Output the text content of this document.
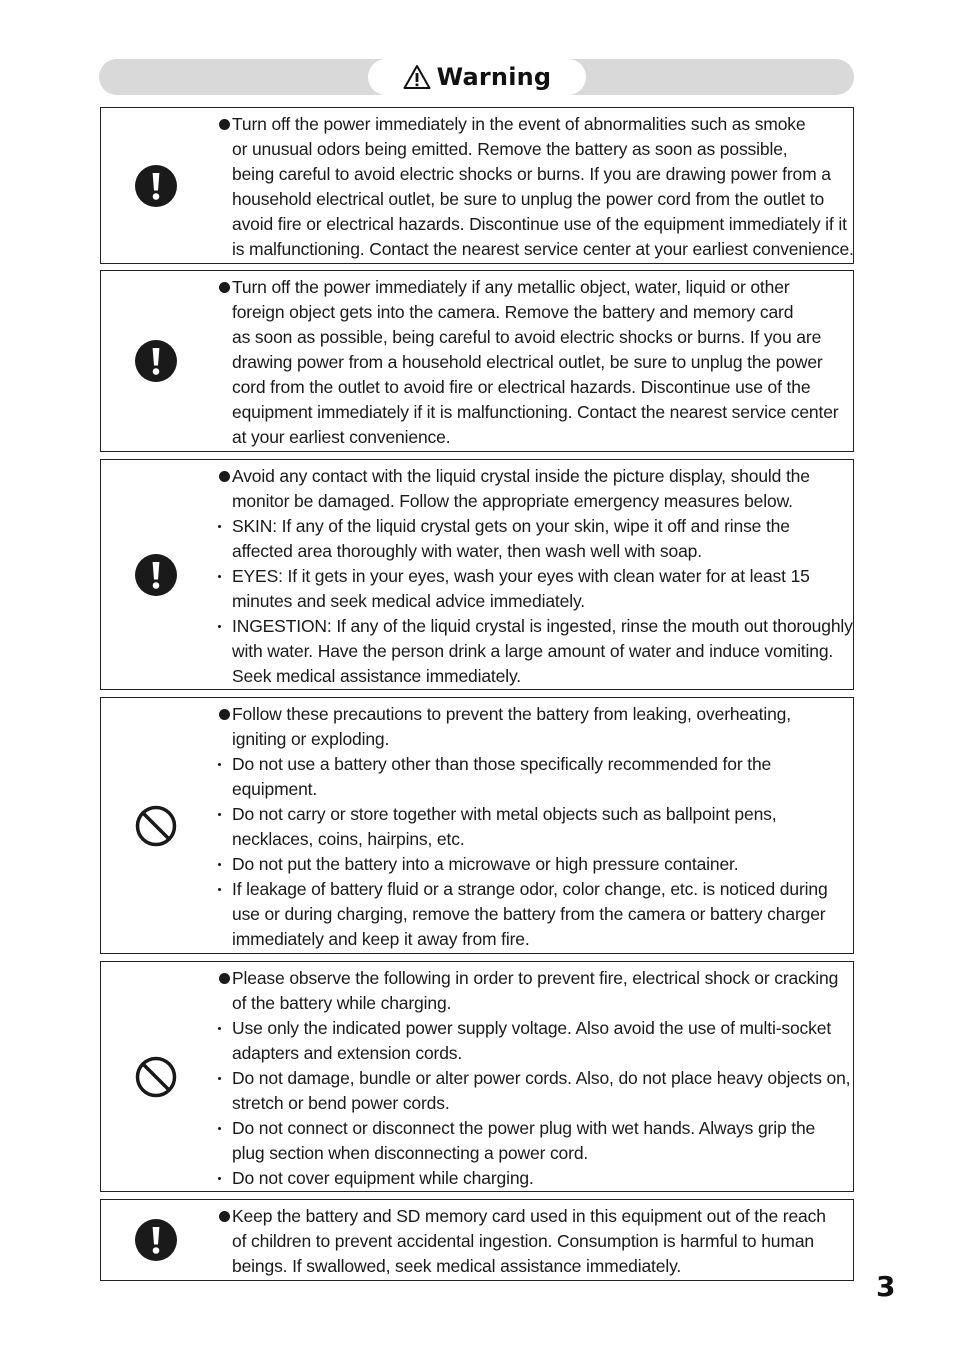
Warning
Turn off the power immediately in the event of abnormalities such as smoke
or unusual odors being emitted. Remove the battery as soon as possible,
being careful to avoid electric shocks or burns. If you are drawing power from a
household electrical outlet, be sure to unplug the power cord from the outlet to
avoid fire or electrical hazards. Discontinue use of the equipment immediately if it
is malfunctioning. Contact the nearest service center at your earliest convenience.
Turn off the power immediately if any metallic object, water, liquid or other
foreign object gets into the camera. Remove the battery and memory card
as soon as possible, being careful to avoid electric shocks or burns. If you are
drawing power from a household electrical outlet, be sure to unplug the power
cord from the outlet to avoid fire or electrical hazards. Discontinue use of the
equipment immediately if it is malfunctioning. Contact the nearest service center
at your earliest convenience.
Avoid any contact with the liquid crystal inside the picture display, should the
monitor be damaged. Follow the appropriate emergency measures below.
SKIN: If any of the liquid crystal gets on your skin, wipe it off and rinse the
affected area thoroughly with water, then wash well with soap.
EYES: If it gets in your eyes, wash your eyes with clean water for at least 15
minutes and seek medical advice immediately.
INGESTION: If any of the liquid crystal is ingested, rinse the mouth out thoroughly
with water. Have the person drink a large amount of water and induce vomiting.
Seek medical assistance immediately.
Follow these precautions to prevent the battery from leaking, overheating,
igniting or exploding.
Do not use a battery other than those specifically recommended for the
equipment.
Do not carry or store together with metal objects such as ballpoint pens,
necklaces, coins, hairpins, etc.
Do not put the battery into a microwave or high pressure container.
If leakage of battery fluid or a strange odor, color change, etc. is noticed during
use or during charging, remove the battery from the camera or battery charger
immediately and keep it away from fire.
Please observe the following in order to prevent fire, electrical shock or cracking
of the battery while charging.
Use only the indicated power supply voltage. Also avoid the use of multi-socket
adapters and extension cords.
Do not damage, bundle or alter power cords. Also, do not place heavy objects on,
stretch or bend power cords.
Do not connect or disconnect the power plug with wet hands. Always grip the
plug section when disconnecting a power cord.
Do not cover equipment while charging.
Keep the battery and SD memory card used in this equipment out of the reach
of children to prevent accidental ingestion. Consumption is harmful to human
beings. If swallowed, seek medical assistance immediately.
3
